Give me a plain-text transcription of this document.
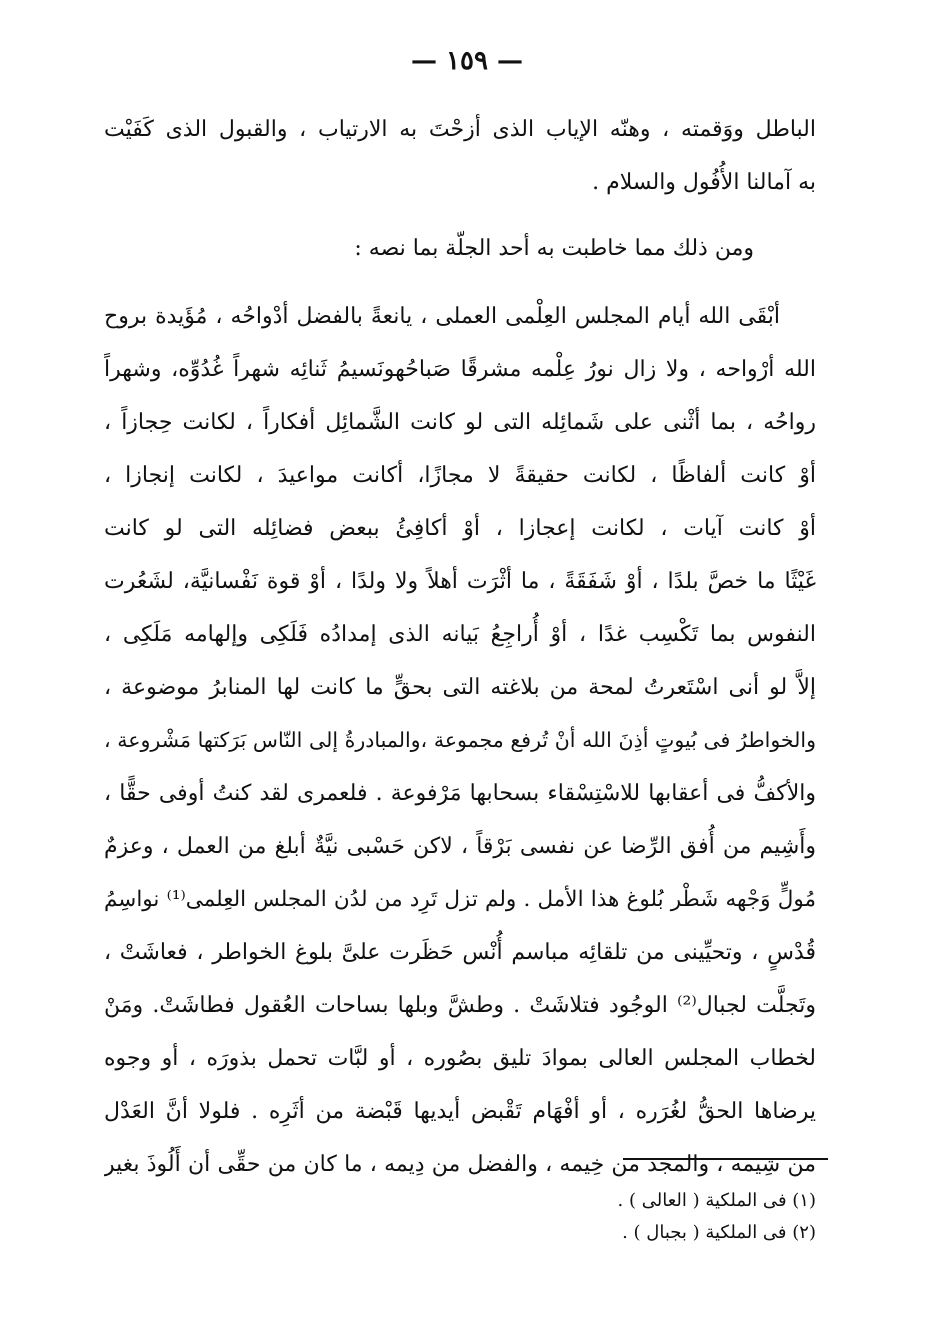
— ١٥٩ —
الباطل ووَقمته ، وهنّه الإياب الذى أزحْتَ به الارتياب ، والقبول الذى كَفَيْت
به آمالنا الأُفُول والسلام .
ومن ذلك مما خاطبت به أحد الجلّة بما نصه :
أبْقَى الله أيام المجلس العِلْمى العملى ، يانعةً بالفضل أدْواحُه ، مُؤَيدة بروح
الله أرْواحه ، ولا زال نورُ عِلْمه مشرقًا صَباحُهونَسيمُ ثَنائِه شهراً غُدُوِّه، وشهراً
رواحُه ، بما أثْنى على شَمائِله التى لو كانت الشَّمائِل أفكاراً ، لكانت حِجازاً ،
أوْ كانت ألفاظًا ، لكانت حقيقةً لا مجازًا، أكانت مواعيدَ ، لكانت إنجازا ،
أوْ كانت آيات ، لكانت إعجازا ، أوْ أكافِئُ ببعض فضائِله التى لو كانت
غَيْثًا ما خصَّ بلدًا ، أوْ شَفَقَةً ، ما أثْرَت أهلاً ولا ولدًا ، أوْ قوة نَفْسانيَّة، لشَعُرت
النفوس بما تَكْسِب غدًا ، أوْ أُراجِعُ بَيانه الذى إمدادُه فَلَكِى وإلهامه مَلَكِى ،
إلاَّ لو أنى اسْتَعرتُ لمحة من بلاغته التى بحقٍّ ما كانت لها المنابرُ موضوعة ،
والخواطرُ فى بُيوتٍ أذِنَ الله أنْ تُرفع مجموعة ،والمبادرةُ إلى النّاس بَرَكتها مَشْروعة ،
والأكفُّ فى أعقابها للاسْتِسْقاء بسحابها مَرْفوعة . فلعمرى لقد كنتُ أوفى حقًّا ،
وأَشِيم من أُفق الرِّضا عن نفسى بَرْقاً ، لاكن حَسْبى نيَّةٌ أبلغ من العمل ، وعزمٌ
مُولٍّ وَجْهه شَطْر بُلوغ هذا الأمل . ولم تزل تَرِد من لدُن المجلس العِلمى⁽¹⁾ نواسِمُ
قُدْسٍ ، وتحيِّينى من تلقائِه مباسم أُنْس حَظَرت علىَّ بلوغ الخواطر ، فعاشَتْ ،
وتَجلَّت لجبال⁽²⁾ الوجُود فتلاشَتْ . وطشَّ وبلها بساحات العُقول فطاشَتْ. ومَنْ
لخطاب المجلس العالى بموادَ تليق بصُوره ، أو لبَّات تحمل بذورَه ، أو وجوه
يرضاها الحقُّ لغُرَره ، أو أفْهَام تَقْبض أيديها قَبْضة من أثَرِه . فلولا أنَّ العَدْل
من شِيمه ، والمجد من خِيمه ، والفضل من دِيمه ، ما كان من حقِّى أن أَلُوذَ بغير
(١) فى الملكية ( العالى ) .
(٢) فى الملكية ( بجبال ) .
